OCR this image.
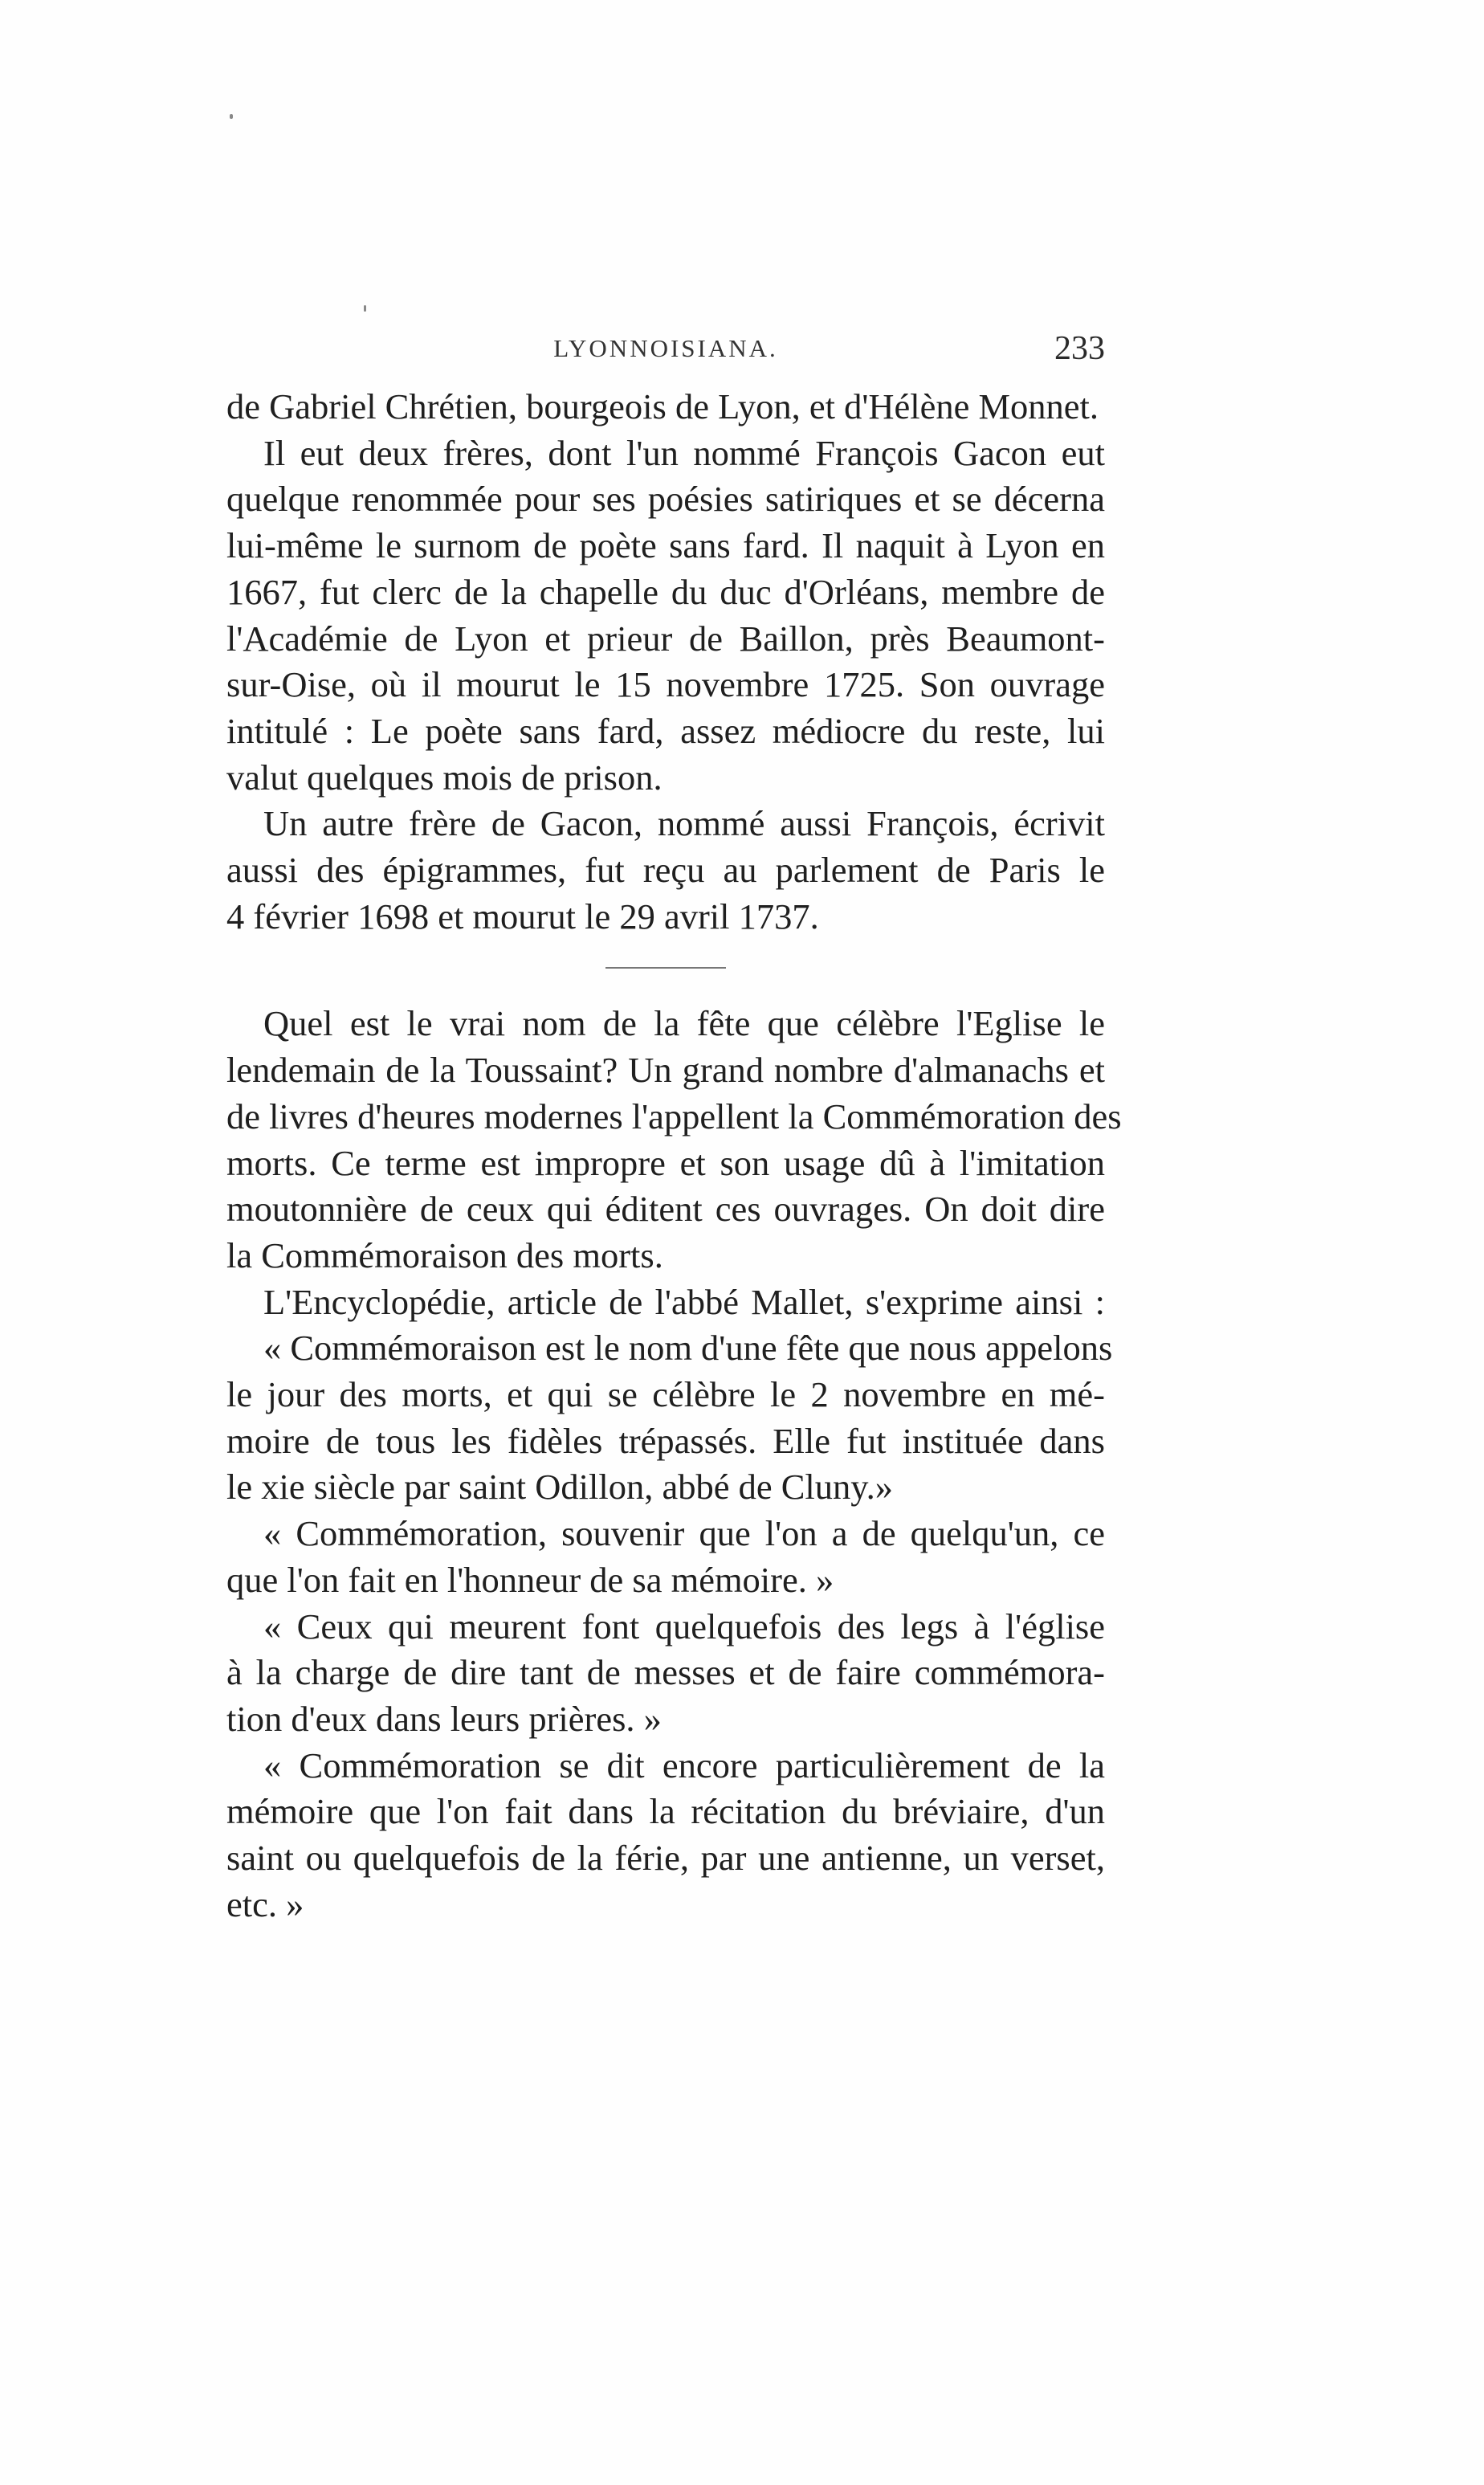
LYONNOISIANA.	233

de Gabriel Chrétien, bourgeois de Lyon, et d'Hélène Monnet.

Il eut deux frères, dont l'un nommé François Gacon eut
quelque renommée pour ses poésies satiriques et se décerna
lui-même le surnom de poète sans fard. Il naquit à Lyon en
1667, fut clerc de la chapelle du duc d'Orléans, membre de
l'Académie de Lyon et prieur de Baillon, près Beaumont-
sur-Oise, où il mourut le 15 novembre 1725. Son ouvrage
intitulé : Le poète sans fard, assez médiocre du reste, lui
valut quelques mois de prison.

Un autre frère de Gacon, nommé aussi François, écrivit
aussi des épigrammes, fut reçu au parlement de Paris le
4 février 1698 et mourut le 29 avril 1737.

Quel est le vrai nom de la fête que célèbre l'Eglise le
lendemain de la Toussaint? Un grand nombre d'almanachs et
de livres d'heures modernes l'appellent la Commémoration des
morts. Ce terme est impropre et son usage dû à l'imitation
moutonnière de ceux qui éditent ces ouvrages. On doit dire
la Commémoraison des morts.

L'Encyclopédie, article de l'abbé Mallet, s'exprime ainsi :
« Commémoraison est le nom d'une fête que nous appelons
le jour des morts, et qui se célèbre le 2 novembre en mé-
moire de tous les fidèles trépassés. Elle fut instituée dans
le xie siècle par saint Odillon, abbé de Cluny.»

« Commémoration, souvenir que l'on a de quelqu'un, ce
que l'on fait en l'honneur de sa mémoire. »

« Ceux qui meurent font quelquefois des legs à l'église
à la charge de dire tant de messes et de faire commémora-
tion d'eux dans leurs prières. »

« Commémoration se dit encore particulièrement de la
mémoire que l'on fait dans la récitation du bréviaire, d'un
saint ou quelquefois de la férie, par une antienne, un verset,
etc. »
